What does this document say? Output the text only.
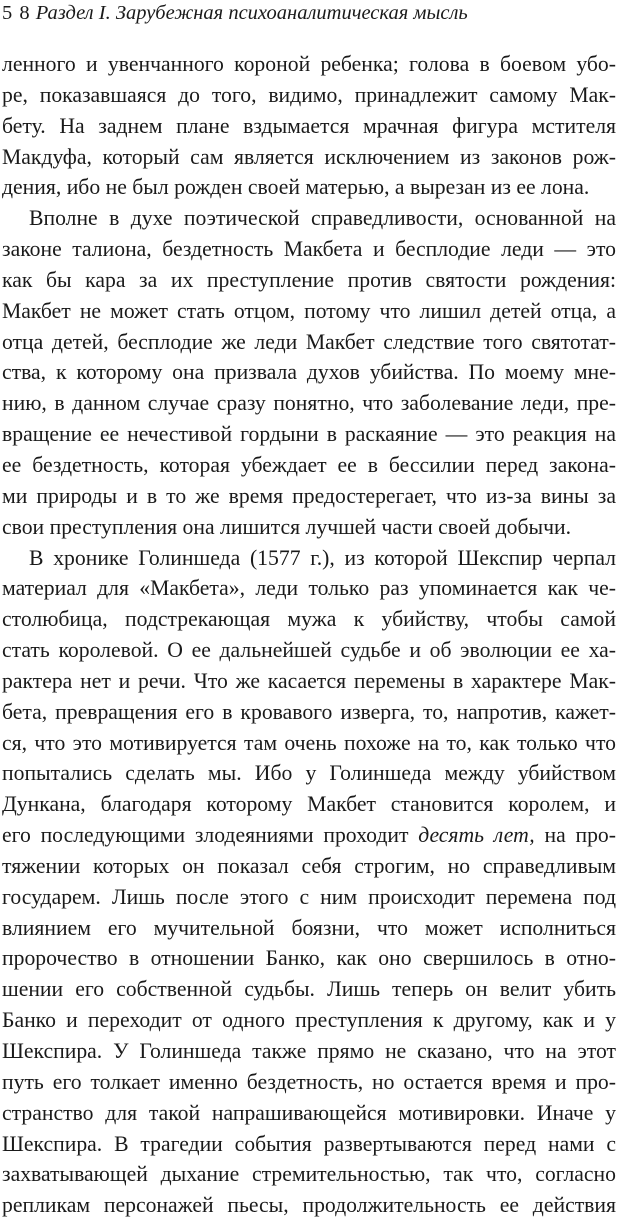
5 8 Раздел I. Зарубежная психоаналитическая мысль
ленного и увенчанного короной ребенка; голова в боевом убо-
ре, показавшаяся до того, видимо, принадлежит самому Мак-
бету. На заднем плане вздымается мрачная фигура мстителя
Макдуфа, который сам является исключением из законов рож-
дения, ибо не был рожден своей матерью, а вырезан из ее лона.
Вполне в духе поэтической справедливости, основанной на
законе талиона, бездетность Макбета и бесплодие леди — это
как бы кара за их преступление против святости рождения:
Макбет не может стать отцом, потому что лишил детей отца, а
отца детей, бесплодие же леди Макбет следствие того святотат-
ства, к которому она призвала духов убийства. По моему мне-
нию, в данном случае сразу понятно, что заболевание леди, пре-
вращение ее нечестивой гордыни в раскаяние — это реакция на
ее бездетность, которая убеждает ее в бессилии перед закона-
ми природы и в то же время предостерегает, что из-за вины за
свои преступления она лишится лучшей части своей добычи.
В хронике Голиншеда (1577 г.), из которой Шекспир черпал
материал для «Макбета», леди только раз упоминается как че-
столюбица, подстрекающая мужа к убийству, чтобы самой
стать королевой. О ее дальнейшей судьбе и об эволюции ее ха-
рактера нет и речи. Что же касается перемены в характере Мак-
бета, превращения его в кровавого изверга, то, напротив, кажет-
ся, что это мотивируется там очень похоже на то, как только что
попытались сделать мы. Ибо у Голиншеда между убийством
Дункана, благодаря которому Макбет становится королем, и
его последующими злодеяниями проходит десять лет, на про-
тяжении которых он показал себя строгим, но справедливым
государем. Лишь после этого с ним происходит перемена под
влиянием его мучительной боязни, что может исполниться
пророчество в отношении Банко, как оно свершилось в отно-
шении его собственной судьбы. Лишь теперь он велит убить
Банко и переходит от одного преступления к другому, как и у
Шекспира. У Голиншеда также прямо не сказано, что на этот
путь его толкает именно бездетность, но остается время и про-
странство для такой напрашивающейся мотивировки. Иначе у
Шекспира. В трагедии события развертываются перед нами с
захватывающей дыхание стремительностью, так что, согласно
репликам персонажей пьесы, продолжительность ее действия
